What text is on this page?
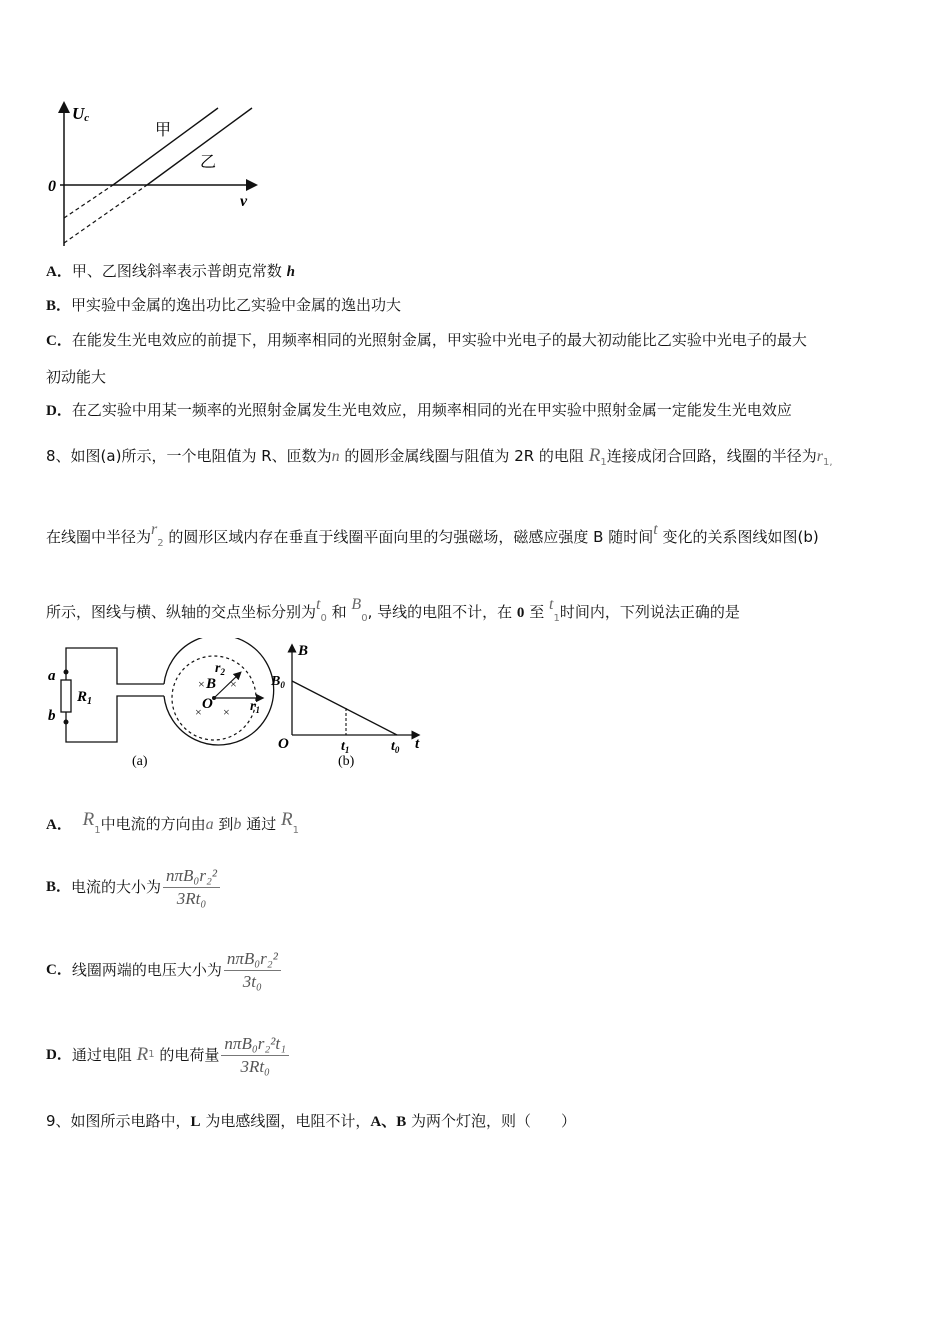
Uc
0
v
甲
乙
A．甲、乙图线斜率表示普朗克常数 h
B．甲实验中金属的逸出功比乙实验中金属的逸出功大
C．在能发生光电效应的前提下，用频率相同的光照射金属，甲实验中光电子的最大初动能比乙实验中光电子的最大
初动能大
D．在乙实验中用某一频率的光照射金属发生光电效应，用频率相同的光在甲实验中照射金属一定能发生光电效应
8、如图(a)所示，一个电阻值为 R、匝数为n 的圆形金属线圈与阻值为 2R 的电阻 $R_1$连接成闭合回路，线圈的半径为$r_{1,}$
在线圈中半径为$r_2$ 的圆形区域内存在垂直于线圈平面向里的匀强磁场，磁感应强度 B 随时间t 变化的关系图线如图(b)
所示，图线与横、纵轴的交点坐标分别为$t_0$ 和 $B_0$, 导线的电阻不计，在 0 至 $t_1$时间内，下列说法正确的是
× ×
× ×
a
b
$R_1$
B
O
$r_2$
$r_1$
(a)
B
t
O
$B_0$
$t_1$	$t_0$
(b)
A． $R_1$中电流的方向由a 到b 通过 $R_1$
B． 电流的大小为 $\frac{\text{nπB₀r₂²}}{\text{3Rt₀}}$
C． 线圈两端的电压大小为 $\frac{\text{nπB₀r₂²}}{\text{3t₀}}$
D． 通过电阻
R 1
的电荷量 $\frac{\text{nπB₀r₂²t₁}}{\text{3Rt₀}}$
9、如图所示电路中，L 为电感线圈，电阻不计，A、B 为两个灯泡，则（　　）
